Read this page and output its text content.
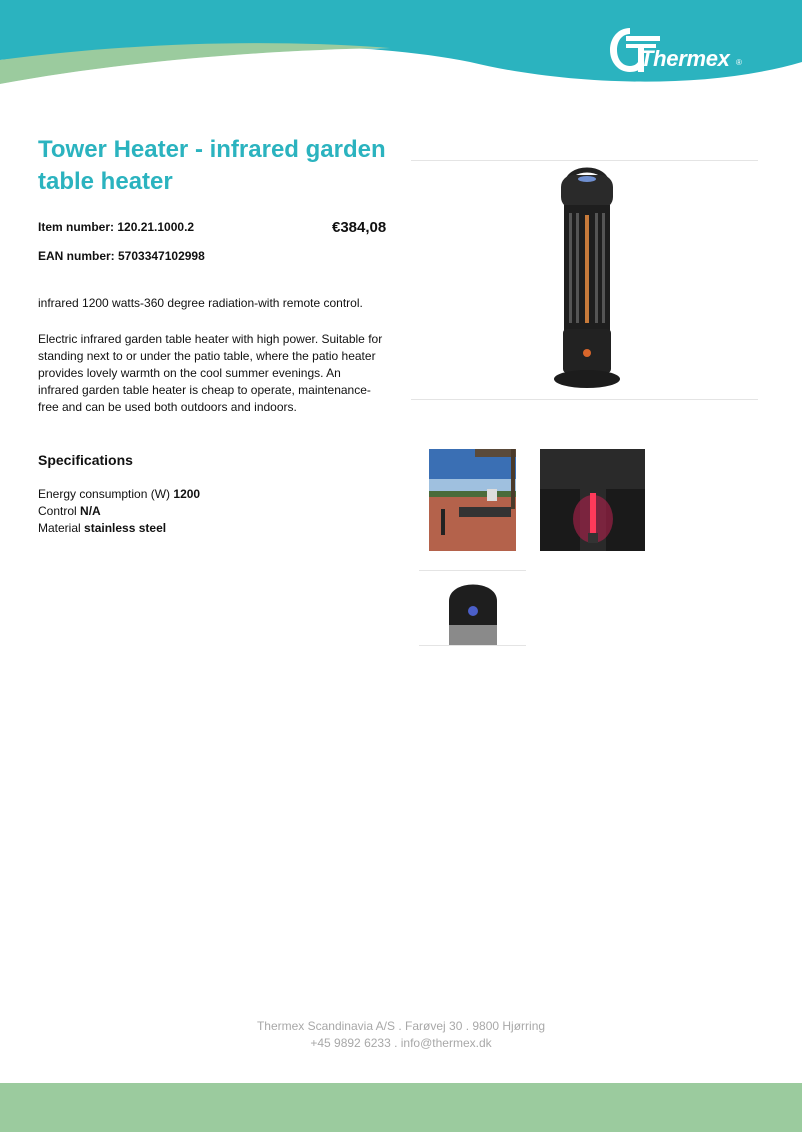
Thermex ®
Tower Heater - infrared garden table heater
Item number: 120.21.1000.2	€384,08
EAN number: 5703347102998

infrared 1200 watts-360 degree radiation-with remote control.

Electric infrared garden table heater with high power. Suitable for standing next to or under the patio table, where the patio heater provides lovely warmth on the cool summer evenings. An infrared garden table heater is cheap to operate, maintenance-free and can be used both outdoors and indoors.

Specifications
Energy consumption (W) 1200
Control N/A
Material stainless steel
Thermex Scandinavia A/S . Farøvej 30 . 9800 Hjørring
+45 9892 6233 . info@thermex.dk
